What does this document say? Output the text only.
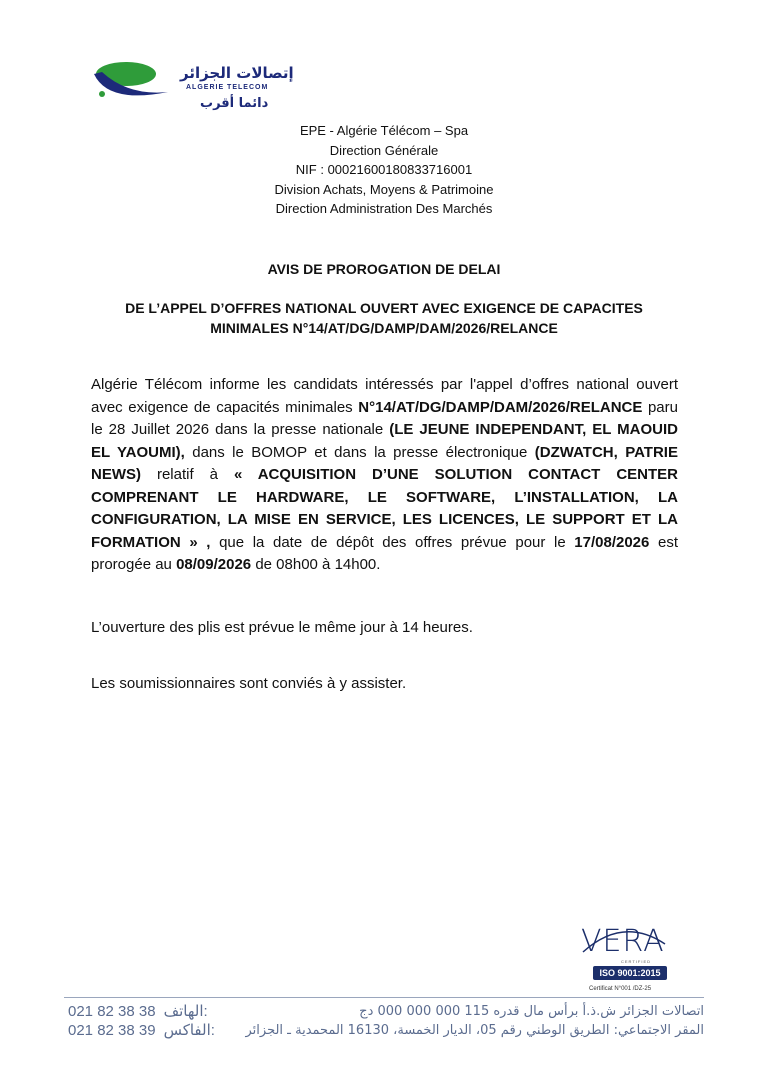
إتصالات الجزائر
ALGERIE TELECOM
دائما أقرب
EPE - Algérie Télécom – Spa
Direction Générale
NIF : 00021600180833716001
Division Achats, Moyens & Patrimoine
Direction Administration Des Marchés
AVIS DE PROROGATION DE DELAI
DE L’APPEL D’OFFRES NATIONAL OUVERT AVEC EXIGENCE DE CAPACITES
MINIMALES N°14/AT/DG/DAMP/DAM/2026/RELANCE
Algérie Télécom informe les candidats intéressés par l'appel d’offres national ouvert avec exigence de capacités minimales N°14/AT/DG/DAMP/DAM/2026/RELANCE paru le 28 Juillet 2026 dans la presse nationale (LE JEUNE INDEPENDANT, EL MAOUID EL YAOUMI), dans le BOMOP et dans la presse électronique (DZWATCH, PATRIE NEWS) relatif à « ACQUISITION D’UNE SOLUTION CONTACT CENTER COMPRENANT LE HARDWARE, LE SOFTWARE, L’INSTALLATION, LA CONFIGURATION, LA MISE EN SERVICE, LES LICENCES, LE SUPPORT ET LA FORMATION » , que la date de dépôt des offres prévue pour le 17/08/2026 est prorogée au 08/09/2026 de 08h00 à 14h00.
L’ouverture des plis est prévue le même jour à 14 heures.
Les soumissionnaires sont conviés à y assister.
VERA
CERTIFIED
ISO 9001:2015
Certificat N°001 /DZ-25
021 82 38 38 الهاتف:
021 82 38 39 الفاكس:
اتصالات الجزائر ش.ذ.أ برأس مال قدره 115 000 000 000 دج
المقر الاجتماعي: الطريق الوطني رقم 05، الديار الخمسة، 16130 المحمدية ـ الجزائر
